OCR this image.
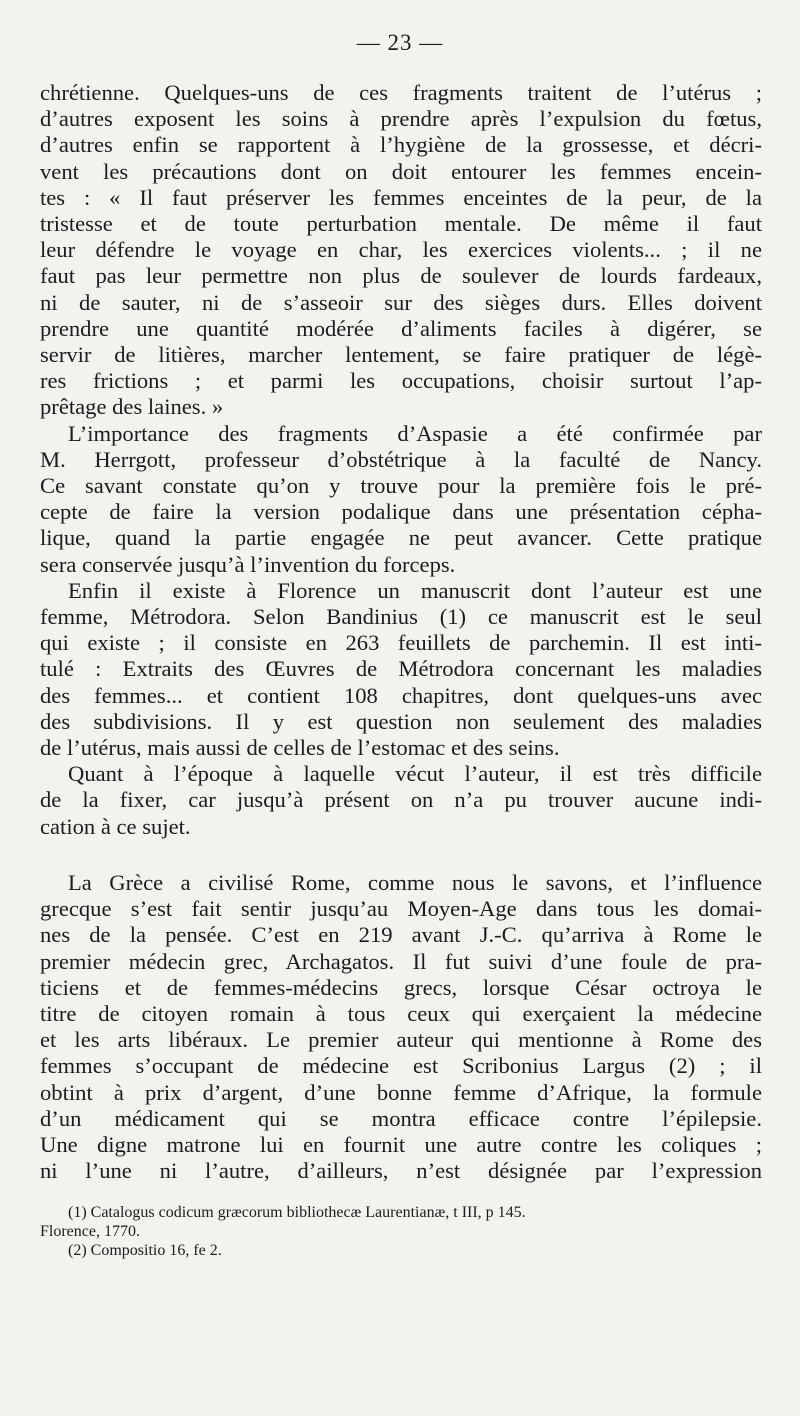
— 23 —
chrétienne. Quelques-uns de ces fragments traitent de l’utérus ;
d’autres exposent les soins à prendre après l’expulsion du fœtus,
d’autres enfin se rapportent à l’hygiène de la grossesse, et décri-
vent les précautions dont on doit entourer les femmes encein-
tes : « Il faut préserver les femmes enceintes de la peur, de la
tristesse et de toute perturbation mentale. De même il faut
leur défendre le voyage en char, les exercices violents... ; il ne
faut pas leur permettre non plus de soulever de lourds fardeaux,
ni de sauter, ni de s’asseoir sur des sièges durs. Elles doivent
prendre une quantité modérée d’aliments faciles à digérer, se
servir de litières, marcher lentement, se faire pratiquer de légè-
res frictions ; et parmi les occupations, choisir surtout l’ap-
prêtage des laines. »
L’importance des fragments d’Aspasie a été confirmée par
M. Herrgott, professeur d’obstétrique à la faculté de Nancy.
Ce savant constate qu’on y trouve pour la première fois le pré-
cepte de faire la version podalique dans une présentation cépha-
lique, quand la partie engagée ne peut avancer. Cette pratique
sera conservée jusqu’à l’invention du forceps.
Enfin il existe à Florence un manuscrit dont l’auteur est une
femme, Métrodora. Selon Bandinius (1) ce manuscrit est le seul
qui existe ; il consiste en 263 feuillets de parchemin. Il est inti-
tulé : Extraits des Œuvres de Métrodora concernant les maladies
des femmes... et contient 108 chapitres, dont quelques-uns avec
des subdivisions. Il y est question non seulement des maladies
de l’utérus, mais aussi de celles de l’estomac et des seins.
Quant à l’époque à laquelle vécut l’auteur, il est très difficile
de la fixer, car jusqu’à présent on n’a pu trouver aucune indi-
cation à ce sujet.
La Grèce a civilisé Rome, comme nous le savons, et l’influence
grecque s’est fait sentir jusqu’au Moyen-Age dans tous les domai-
nes de la pensée. C’est en 219 avant J.-C. qu’arriva à Rome le
premier médecin grec, Archagatos. Il fut suivi d’une foule de pra-
ticiens et de femmes-médecins grecs, lorsque César octroya le
titre de citoyen romain à tous ceux qui exerçaient la médecine
et les arts libéraux. Le premier auteur qui mentionne à Rome des
femmes s’occupant de médecine est Scribonius Largus (2) ; il
obtint à prix d’argent, d’une bonne femme d’Afrique, la formule
d’un médicament qui se montra efficace contre l’épilepsie.
Une digne matrone lui en fournit une autre contre les coliques ;
ni l’une ni l’autre, d’ailleurs, n’est désignée par l’expression
(1) Catalogus codicum græcorum bibliothecæ Laurentianæ, t III, p 145.
Florence, 1770.
(2) Compositio 16, fe 2.
